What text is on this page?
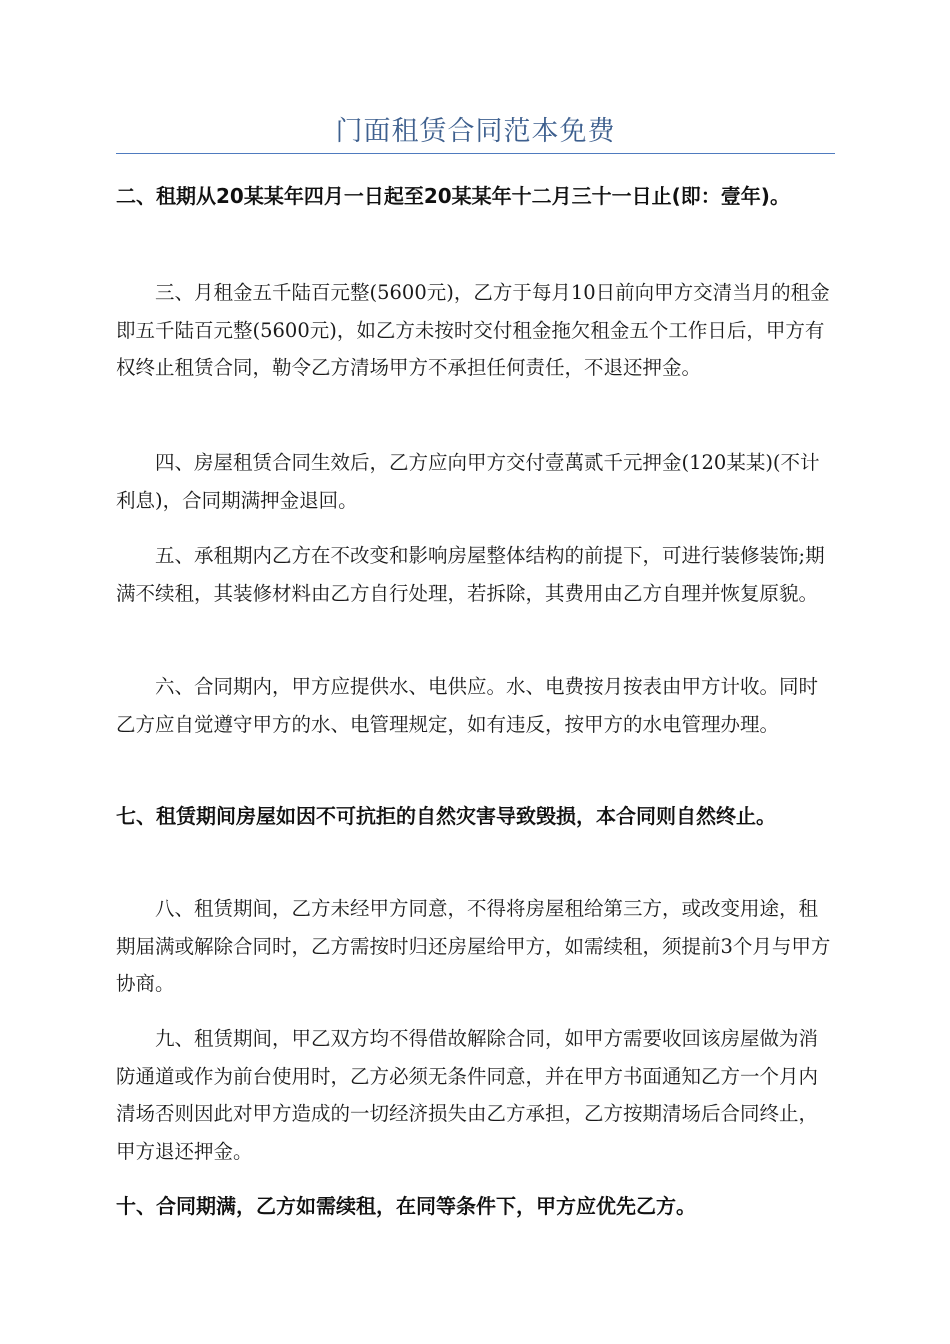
门面租赁合同范本免费

二、租期从20某某年四月一日起至20某某年十二月三十一日止(即：壹年)。

三、月租金五千陆百元整(5600元)，乙方于每月10日前向甲方交清当月的租金即五千陆百元整(5600元)，如乙方未按时交付租金拖欠租金五个工作日后，甲方有权终止租赁合同，勒令乙方清场甲方不承担任何责任，不退还押金。

四、房屋租赁合同生效后，乙方应向甲方交付壹萬贰千元押金(120某某)(不计利息)，合同期满押金退回。

五、承租期内乙方在不改变和影响房屋整体结构的前提下，可进行装修装饰;期满不续租，其装修材料由乙方自行处理，若拆除，其费用由乙方自理并恢复原貌。

六、合同期内，甲方应提供水、电供应。水、电费按月按表由甲方计收。同时乙方应自觉遵守甲方的水、电管理规定，如有违反，按甲方的水电管理办理。

七、租赁期间房屋如因不可抗拒的自然灾害导致毁损，本合同则自然终止。

八、租赁期间，乙方未经甲方同意，不得将房屋租给第三方，或改变用途，租期届满或解除合同时，乙方需按时归还房屋给甲方，如需续租，须提前3个月与甲方协商。

九、租赁期间，甲乙双方均不得借故解除合同，如甲方需要收回该房屋做为消防通道或作为前台使用时，乙方必须无条件同意，并在甲方书面通知乙方一个月内清场否则因此对甲方造成的一切经济损失由乙方承担，乙方按期清场后合同终止，甲方退还押金。

十、合同期满，乙方如需续租，在同等条件下，甲方应优先乙方。
